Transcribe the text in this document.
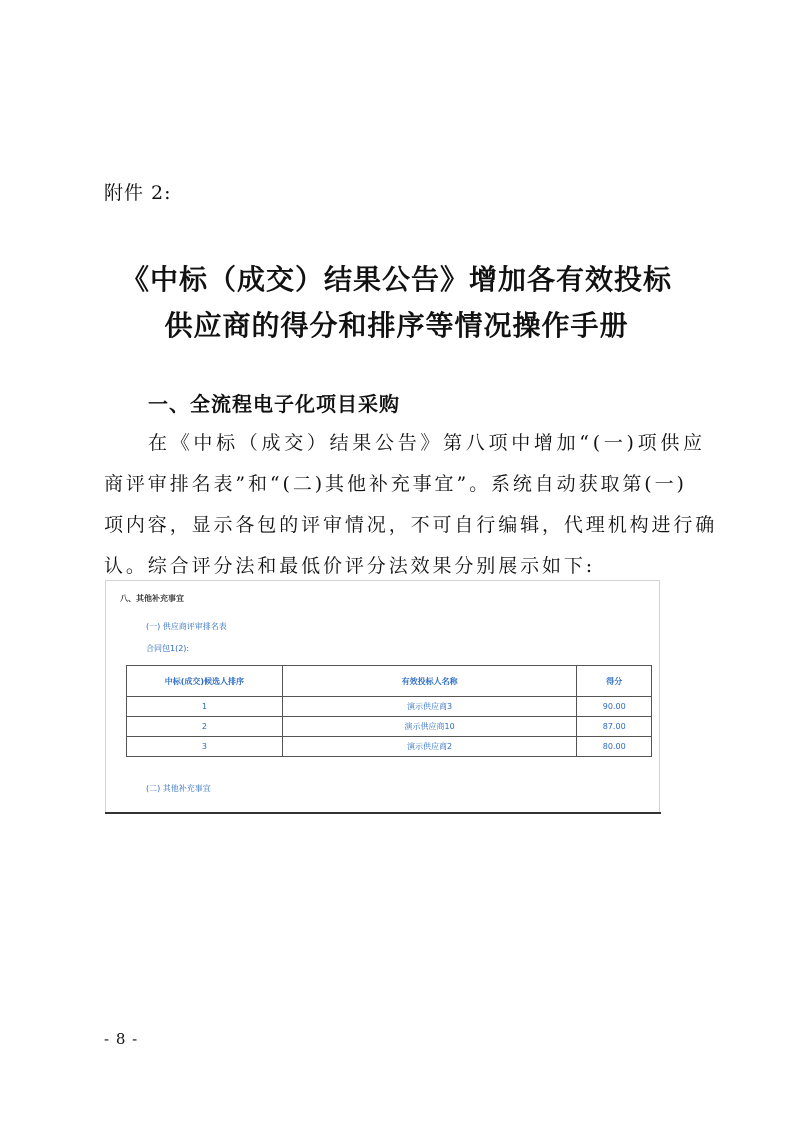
附件 2:
《中标（成交）结果公告》增加各有效投标
供应商的得分和排序等情况操作手册
一、全流程电子化项目采购
在《中标（成交）结果公告》第八项中增加“(一)项供应
商评审排名表”和“(二)其他补充事宜”。系统自动获取第(一)
项内容，显示各包的评审情况，不可自行编辑，代理机构进行确
认。综合评分法和最低价评分法效果分别展示如下:
八、其他补充事宜
(一) 供应商评审排名表
合同包1(2):
中标(成交)候选人排序	有效投标人名称	得分
1	演示供应商3	90.00
2	演示供应商10	87.00
3	演示供应商2	80.00
(二) 其他补充事宜
- 8 -
